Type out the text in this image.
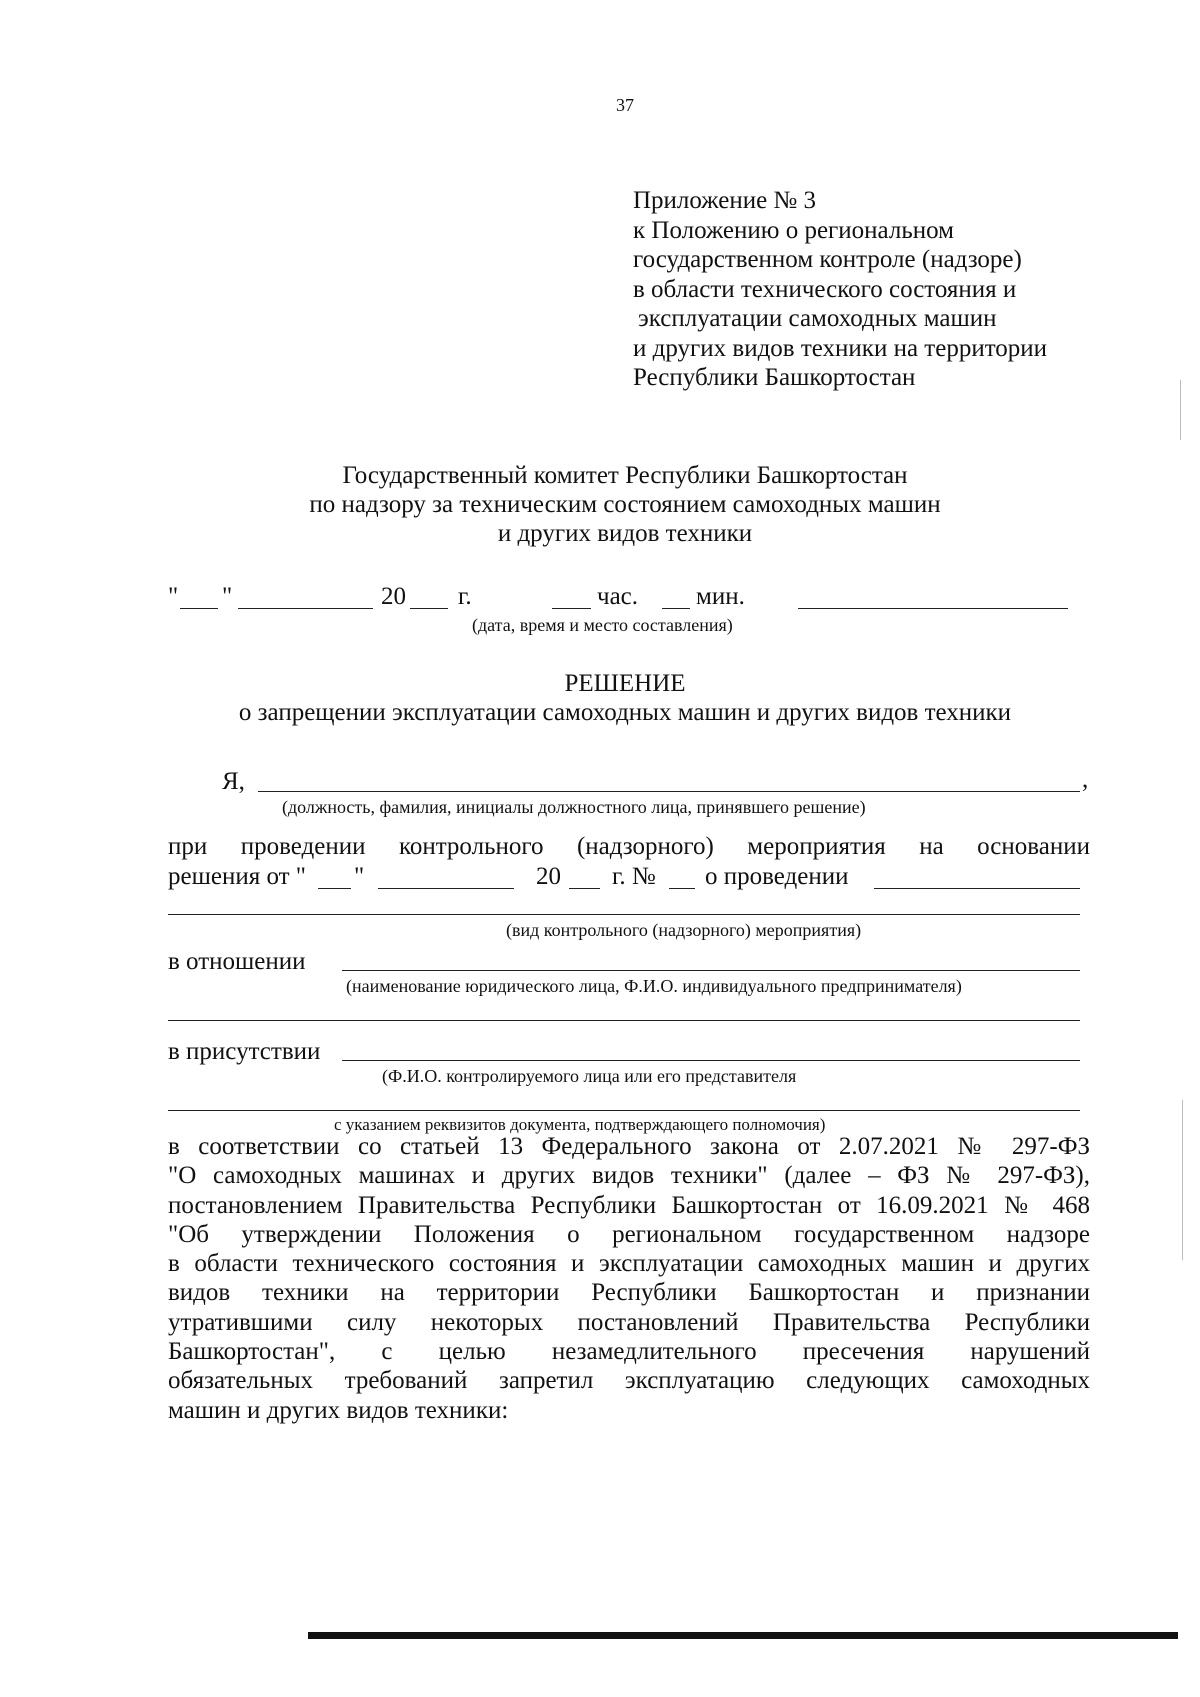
37
Приложение № 3
к Положению о региональном
государственном контроле (надзоре)
в области технического состояния и
эксплуатации самоходных машин
и других видов техники на территории
Республики Башкортостан
Государственный комитет Республики Башкортостан
по надзору за техническим состоянием самоходных машин
и других видов техники
" "	20 г.	час. мин.
(дата, время и место составления)
РЕШЕНИЕ
о запрещении эксплуатации самоходных машин и других видов техники
Я,	,
(должность, фамилия, инициалы должностного лица, принявшего решение)
при проведении контрольного (надзорного) мероприятия на основании
решения от " "	20 г. № о проведении
(вид контрольного (надзорного) мероприятия)
в отношении
(наименование юридического лица, Ф.И.О. индивидуального предпринимателя)
в присутствии
(Ф.И.О. контролируемого лица или его представителя
с указанием реквизитов документа, подтверждающего полномочия)
в соответствии со статьей 13 Федерального закона от 2.07.2021 № 297-ФЗ
"О самоходных машинах и других видов техники" (далее – ФЗ № 297-ФЗ),
постановлением Правительства Республики Башкортостан от 16.09.2021 № 468
"Об утверждении Положения о региональном государственном надзоре
в области технического состояния и эксплуатации самоходных машин и других
видов техники на территории Республики Башкортостан и признании
утратившими силу некоторых постановлений Правительства Республики
Башкортостан", с целью незамедлительного пресечения нарушений
обязательных требований запретил эксплуатацию следующих самоходных
машин и других видов техники:
